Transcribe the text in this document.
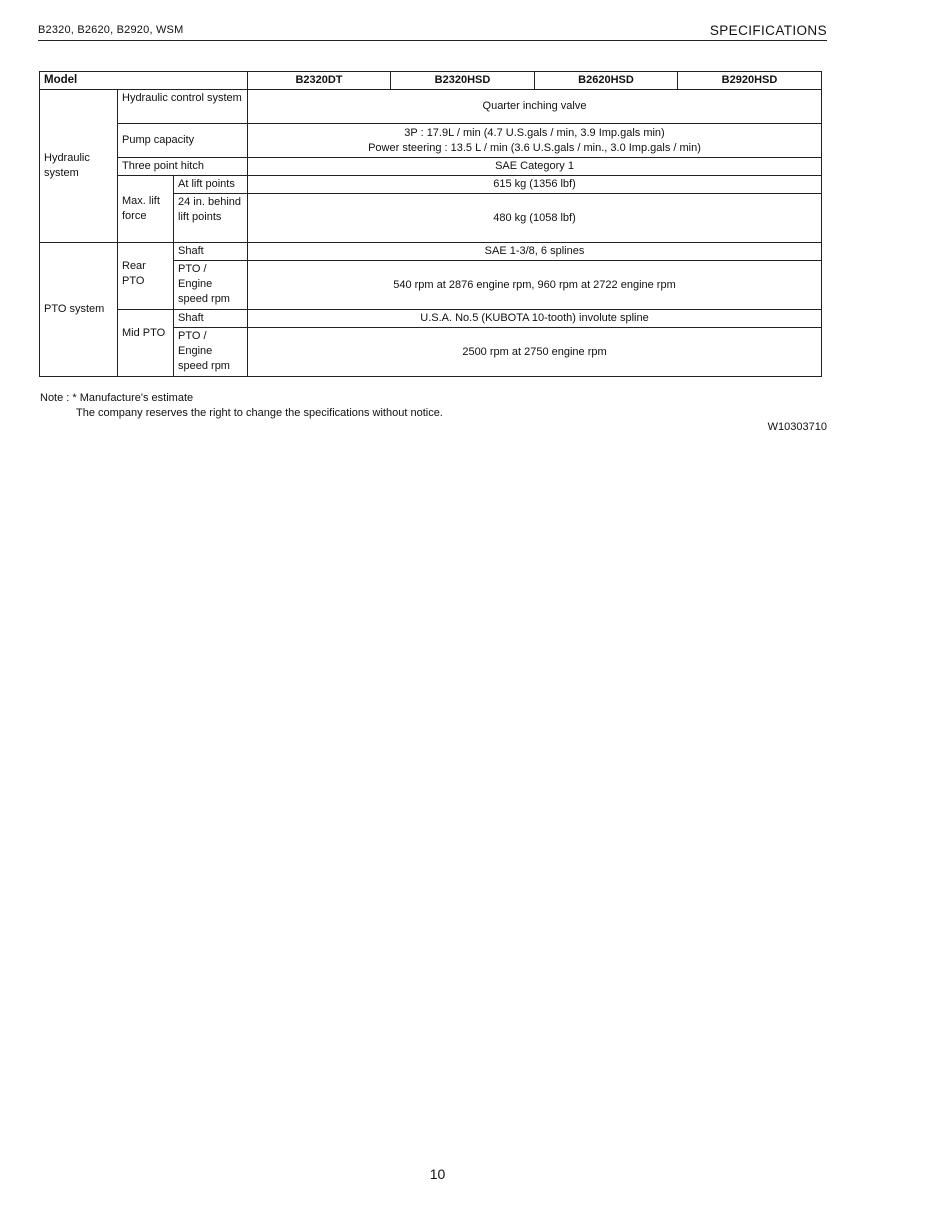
B2320, B2620, B2920, WSM	SPECIFICATIONS
Model			B2320DT	B2320HSD	B2620HSD	B2920HSD
Hydraulic system	Hydraulic control system		Quarter inching valve			
	Pump capacity		3P : 17.9L / min (4.7 U.S.gals / min, 3.9 Imp.gals min)
Power steering : 13.5 L / min (3.6 U.S.gals / min., 3.0 Imp.gals / min)			

	Three point hitch		SAE Category 1			
	Max. lift force	At lift points	615 kg (1356 lbf)			
		24 in. behind lift points	480 kg (1058 lbf)			
PTO system	Rear PTO	Shaft	SAE 1-3/8, 6 splines			
		PTO / Engine speed rpm	540 rpm at 2876 engine rpm, 960 rpm at 2722 engine rpm			
	Mid PTO	Shaft	U.S.A. No.5 (KUBOTA 10-tooth) involute spline			
		PTO / Engine speed rpm	2500 rpm at 2750 engine rpm			
Note : * Manufacture's estimate
The company reserves the right to change the specifications without notice.
W10303710
10
